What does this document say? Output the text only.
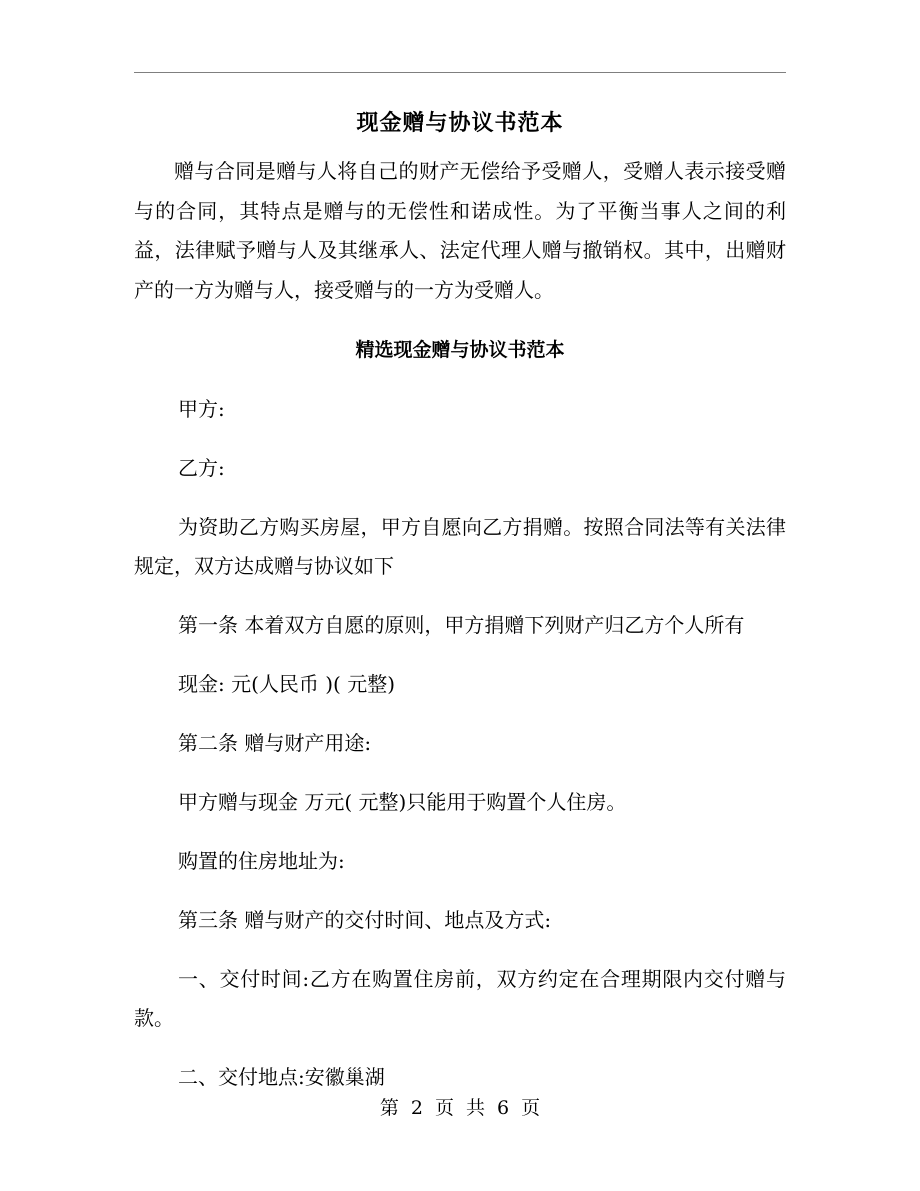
现金赠与协议书范本

赠与合同是赠与人将自己的财产无偿给予受赠人，受赠人表示接受赠与的合同，其特点是赠与的无偿性和诺成性。为了平衡当事人之间的利益，法律赋予赠与人及其继承人、法定代理人赠与撤销权。其中，出赠财产的一方为赠与人，接受赠与的一方为受赠人。

精选现金赠与协议书范本

甲方:

乙方:

为资助乙方购买房屋，甲方自愿向乙方捐赠。按照合同法等有关法律规定，双方达成赠与协议如下

第一条 本着双方自愿的原则，甲方捐赠下列财产归乙方个人所有

现金: 元(人民币 )( 元整)

第二条 赠与财产用途:

甲方赠与现金 万元( 元整)只能用于购置个人住房。

购置的住房地址为:

第三条 赠与财产的交付时间、地点及方式:

一、交付时间:乙方在购置住房前，双方约定在合理期限内交付赠与款。

二、交付地点:安徽巢湖

第 2 页 共 6 页
